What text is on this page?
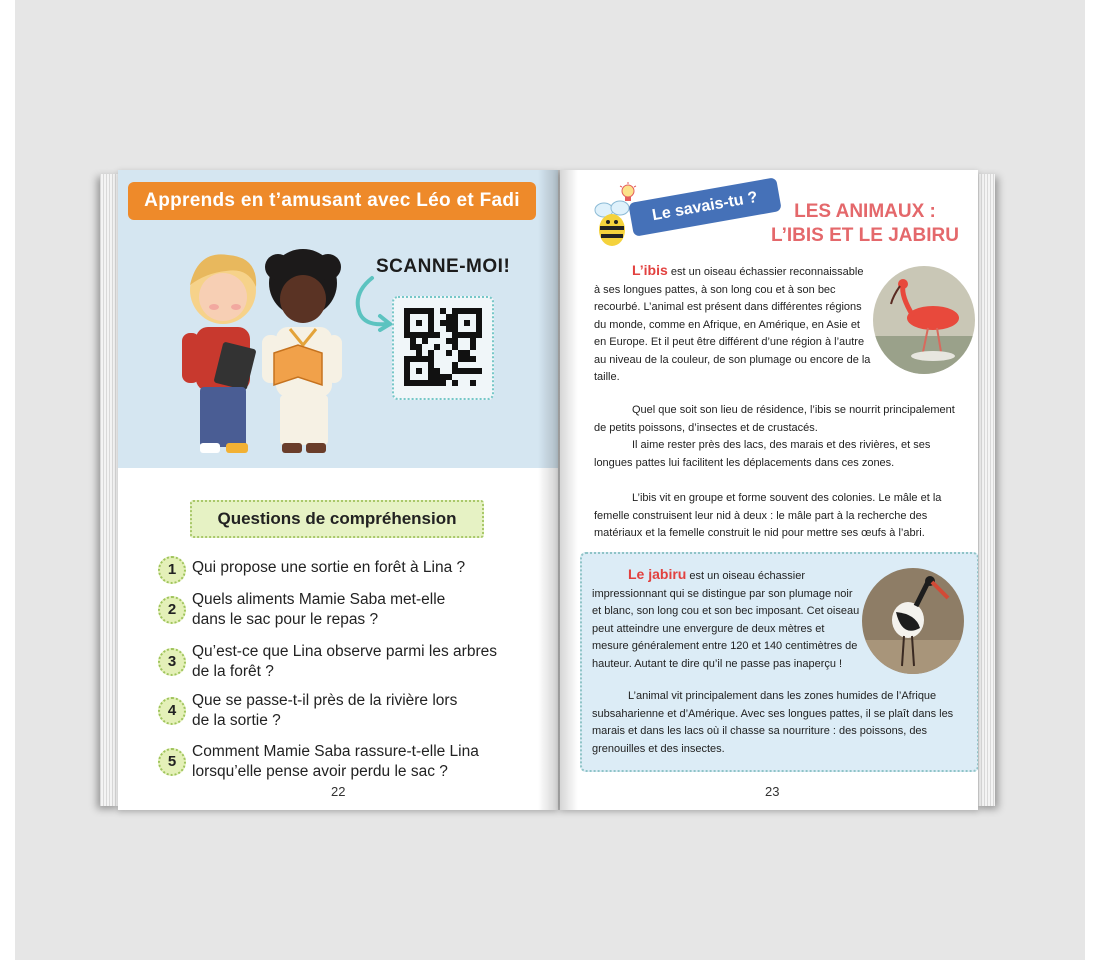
Apprends en t’amusant avec Léo et Fadi
SCANNE-MOI!
Questions de compréhension
1	Qui propose une sortie en forêt à Lina ?
2
Quels aliments Mamie Saba met-elle
dans le sac pour le repas ?
3
Qu’est-ce que Lina observe parmi les arbres
de la forêt ?
4
Que se passe-t-il près de la rivière lors
de la sortie ?
5
Comment Mamie Saba rassure-t-elle Lina
lorsqu’elle pense avoir perdu le sac ?
22
Le savais-tu ?	LES ANIMAUX :
L’IBIS ET LE JABIRU
L’ibis est un oiseau échassier reconnaissable à ses longues pattes, à son long cou et à son bec recourbé. L’animal est présent dans différentes régions du monde, comme en Afrique, en Amérique, en Asie et en Europe. Et il peut être différent d’une région à l’autre au niveau de la couleur, de son plumage ou encore de la taille.
Quel que soit son lieu de résidence, l’ibis se nourrit principalement de petits poissons, d’insectes et de crustacés.
Il aime rester près des lacs, des marais et des rivières, et ses longues pattes lui facilitent les déplacements dans ces zones.
L’ibis vit en groupe et forme souvent des colonies. Le mâle et la femelle construisent leur nid à deux : le mâle part à la recherche des matériaux et la femelle construit le nid pour mettre ses œufs à l’abri.
Le jabiru est un oiseau échassier impressionnant qui se distingue par son plumage noir et blanc, son long cou et son bec imposant. Cet oiseau peut atteindre une envergure de deux mètres et mesure généralement entre 120 et 140 centimètres de hauteur. Autant te dire qu’il ne passe pas inaperçu !
L’animal vit principalement dans les zones humides de l’Afrique subsaharienne et d’Amérique. Avec ses longues pattes, il se plaît dans les marais et dans les lacs où il chasse sa nourriture : des poissons, des grenouilles et des insectes.
23
